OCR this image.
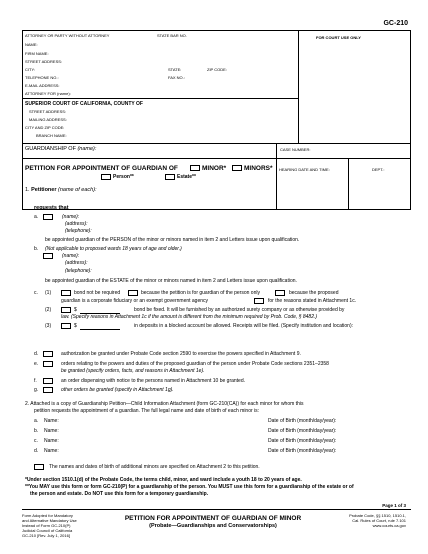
GC-210
ATTORNEY OR PARTY WITHOUT ATTORNEY	STATE BAR NO.	FOR COURT USE ONLY
NAME:
FIRM NAME:
STREET ADDRESS:
CITY:	STATE:	ZIP CODE:
TELEPHONE NO.:	FAX NO.:
E-MAIL ADDRESS:
ATTORNEY FOR (name):
SUPERIOR COURT OF CALIFORNIA, COUNTY OF
STREET ADDRESS:
MAILING ADDRESS:
CITY AND ZIP CODE:
BRANCH NAME:
GUARDIANSHIP OF (name):	CASE NUMBER:
PETITION FOR APPOINTMENT OF GUARDIAN OF	MINOR*	MINORS*
Person**	Estate**
HEARING DATE AND TIME:	DEPT.:
1. Petitioner (name of each):
requests that
a.	(name):
(address):
(telephone):
be appointed guardian of the PERSON of the minor or minors named in item 2 and Letters issue upon qualification.
b. (Not applicable to proposed wards 18 years of age and older.)
(name):
(address):
(telephone):
be appointed guardian of the ESTATE of the minor or minors named in item 2 and Letters issue upon qualification.
c. (1)	bond not be required	because the petition is for guardian of the person only	because the proposed
guardian is a corporate fiduciary or an exempt government agency	for the reasons stated in Attachment 1c.
(2)	$	bond be fixed. It will be furnished by an authorized surety company or as otherwise provided by
law. (Specify reasons in Attachment 1c if the amount is different from the minimum required by Prob. Code, § 8482.)
(3)	$	in deposits in a blocked account be allowed. Receipts will be filed. (Specify institution and location):
d.	authorization be granted under Probate Code section 2590 to exercise the powers specified in Attachment 9.
e.	orders relating to the powers and duties of the proposed guardian of the person under Probate Code sections 2351–2358
be granted (specify orders, facts, and reasons in Attachment 1e).
f.	an order dispensing with notice to the persons named in Attachment 10 be granted.
g.	other orders be granted (specify in Attachment 1g).
2. Attached is a copy of Guardianship Petition—Child Information Attachment (form GC-210(CA)) for each minor for whom this
petition requests the appointment of a guardian. The full legal name and date of birth of each minor is:
a. Name:	Date of Birth (month/day/year):
b. Name:	Date of Birth (month/day/year):
c. Name:	Date of Birth (month/day/year):
d. Name:	Date of Birth (month/day/year):
The names and dates of birth of additional minors are specified on Attachment 2 to this petition.
*Under section 1510.1(d) of the Probate Code, the terms child, minor, and ward include a youth 18 to 20 years of age.
**You MAY use this form or form GC-210(P) for a guardianship of the person. You MUST use this form for a guardianship of the estate or of
the person and estate. Do NOT use this form for a temporary guardianship.
Page 1 of 3
Form Adopted for Mandatory
and Alternative Mandatory Use
Instead of Form GC-210(P)
Judicial Council of California
GC-210 [Rev. July 1, 2016]
PETITION FOR APPOINTMENT OF GUARDIAN OF MINOR
(Probate—Guardianships and Conservatorships)
Probate Code, §§ 1510, 1510.1,
Cal. Rules of Court, rule 7.101
www.courts.ca.gov
